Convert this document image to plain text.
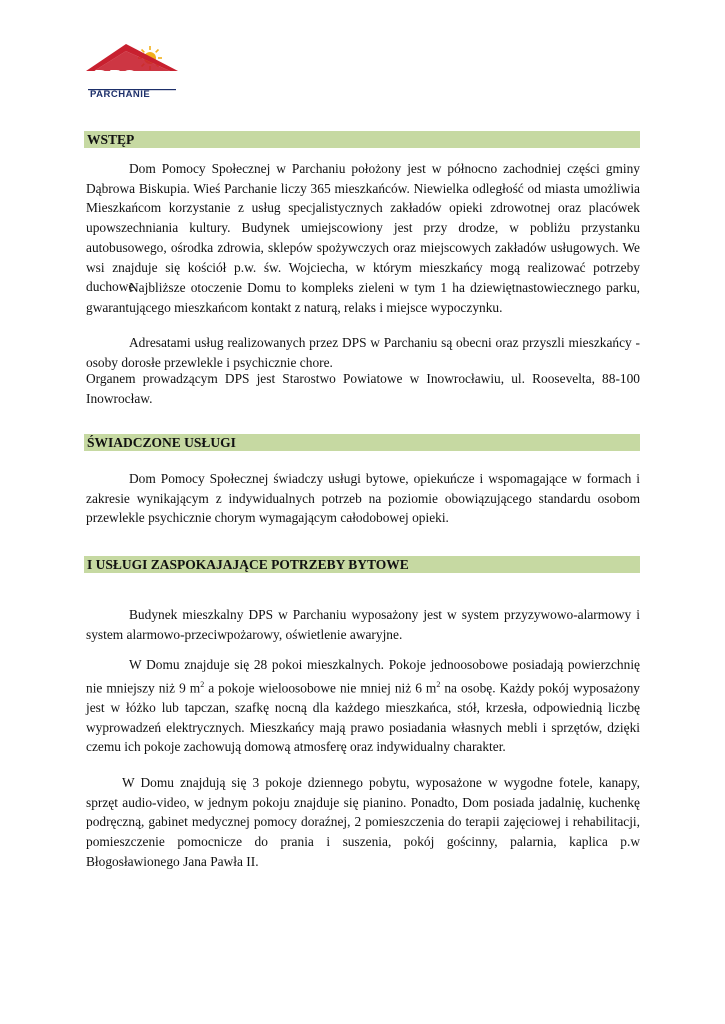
DPS
PARCHANIE
WSTĘP

Dom Pomocy Społecznej w Parchaniu położony jest w północno zachodniej części gminy Dąbrowa Biskupia. Wieś Parchanie liczy 365 mieszkańców. Niewielka odległość od miasta umożliwia Mieszkańcom korzystanie z usług specjalistycznych zakładów opieki zdrowotnej oraz placówek upowszechniania kultury. Budynek umiejscowiony jest przy drodze, w pobliżu przystanku autobusowego, ośrodka zdrowia, sklepów spożywczych oraz miejscowych zakładów usługowych. We wsi znajduje się kościół p.w. św. Wojciecha, w którym mieszkańcy mogą realizować potrzeby duchowe.

Najbliższe otoczenie Domu to kompleks zieleni w tym 1 ha dziewiętnastowiecznego parku, gwarantującego mieszkańcom kontakt z naturą, relaks i miejsce wypoczynku.

Adresatami usług realizowanych przez DPS w Parchaniu są obecni oraz przyszli mieszkańcy - osoby dorosłe przewlekle i psychicznie chore.

Organem prowadzącym DPS jest Starostwo Powiatowe w Inowrocławiu, ul. Roosevelta, 88-100 Inowrocław.

ŚWIADCZONE USŁUGI

Dom Pomocy Społecznej świadczy usługi bytowe, opiekuńcze i wspomagające w formach i zakresie wynikającym z indywidualnych potrzeb na poziomie obowiązującego standardu osobom przewlekle psychicznie chorym wymagającym całodobowej opieki.

I USŁUGI ZASPOKAJAJĄCE POTRZEBY BYTOWE

Budynek mieszkalny DPS w Parchaniu wyposażony jest w system przyzywowo-alarmowy i system alarmowo-przeciwpożarowy, oświetlenie awaryjne.

W Domu znajduje się 28 pokoi mieszkalnych. Pokoje jednoosobowe posiadają powierzchnię nie mniejszy niż 9 $m^2$ a pokoje wieloosobowe nie mniej niż 6 $m^2$ na osobę. Każdy pokój wyposażony jest w łóżko lub tapczan, szafkę nocną dla każdego mieszkańca, stół, krzesła, odpowiednią liczbę wyprowadzeń elektrycznych. Mieszkańcy mają prawo posiadania własnych mebli i sprzętów, dzięki czemu ich pokoje zachowują domową atmosferę oraz indywidualny charakter.

W Domu znajdują się 3 pokoje dziennego pobytu, wyposażone w wygodne fotele, kanapy, sprzęt audio-video, w jednym pokoju znajduje się pianino. Ponadto, Dom posiada jadalnię, kuchenkę podręczną, gabinet medycznej pomocy doraźnej, 2 pomieszczenia do terapii zajęciowej i rehabilitacji, pomieszczenie pomocnicze do prania i suszenia, pokój gościnny, palarnia, kaplica p.w Błogosławionego Jana Pawła II.
